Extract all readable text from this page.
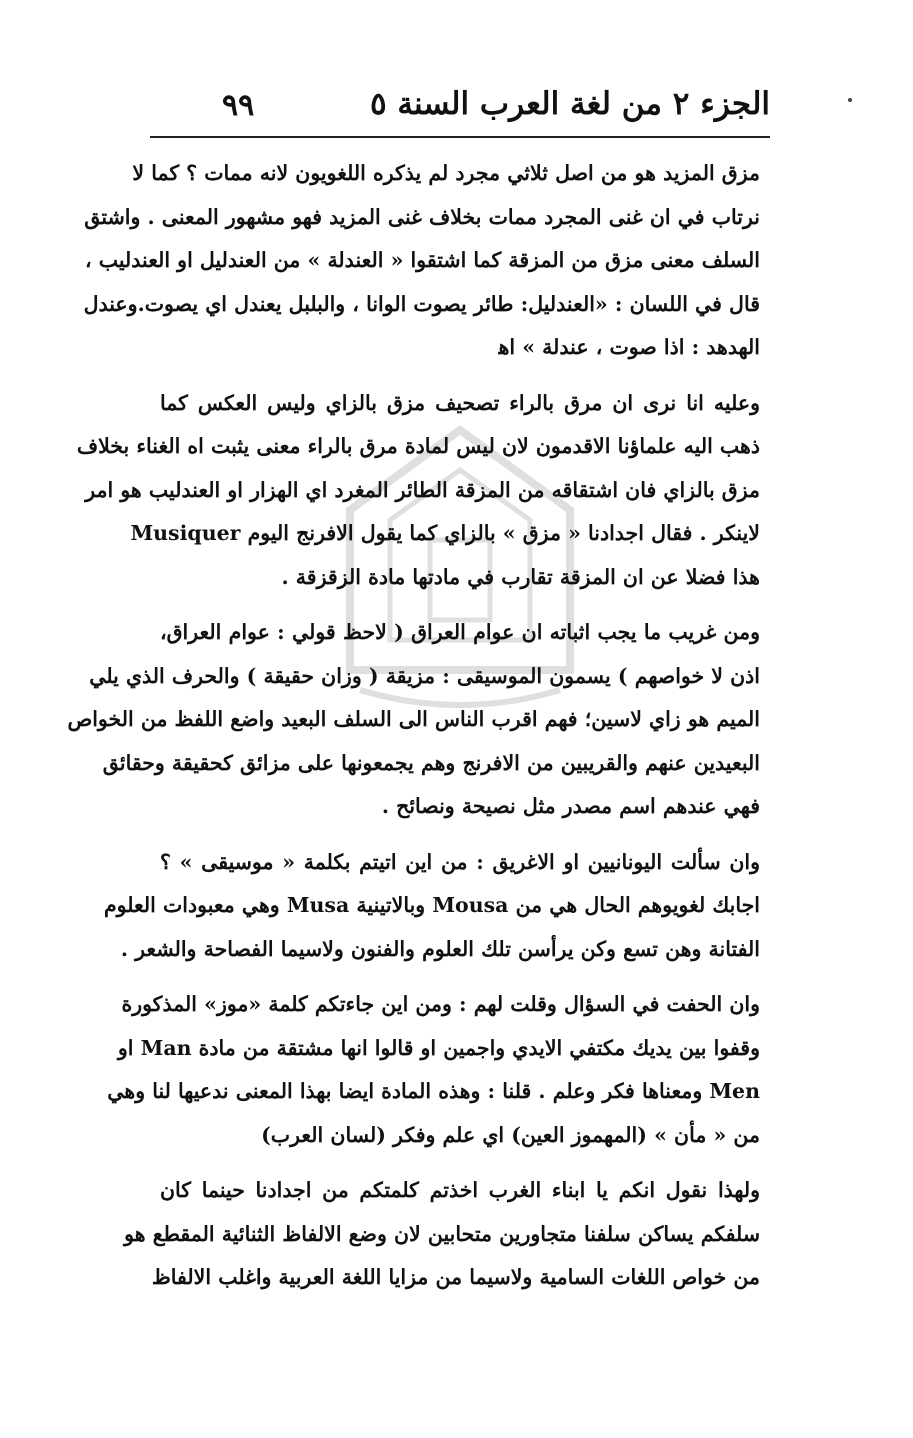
٩٩	الجزء ٢ من لغة العرب السنة ٥
مزق المزيد هو من اصل ثلاثي مجرد لم يذكره اللغويون لانه ممات ؟ كما لا
نرتاب في ان غنى المجرد ممات بخلاف غنى المزيد فهو مشهور المعنى . واشتق
السلف معنى مزق من المزقة كما اشتقوا « العندلة » من العندليل او العندليب ،
قال في اللسان : «العندليل: طائر يصوت الوانا ، والبلبل يعندل اي يصوت.وعندل
الهدهد : اذا صوت ، عندلة » اﻫ
وعليه انا نرى ان مرق بالراء تصحيف مزق بالزاي وليس العكس كما
ذهب اليه علماؤنا الاقدمون لان ليس لمادة مرق بالراء معنى يثبت اه الغناء بخلاف
مزق بالزاي فان اشتقاقه من المزقة الطائر المغرد اي الهزار او العندليب هو امر
لاينكر . فقال اجدادنا « مزق » بالزاي كما يقول الافرنج اليوم Musiquer
هذا فضلا عن ان المزقة تقارب في مادتها مادة الزقزقة .
ومن غريب ما يجب اثباته ان عوام العراق ( لاحظ قولي : عوام العراق،
اذن لا خواصهم ) يسمون الموسيقى : مزيقة ( وزان حقيقة ) والحرف الذي يلي
الميم هو زاي لاسين؛ فهم اقرب الناس الى السلف البعيد واضع اللفظ من الخواص
البعيدين عنهم والقريبين من الافرنج وهم يجمعونها على مزائق كحقيقة وحقائق
فهي عندهم اسم مصدر مثل نصيحة ونصائح .
وان سألت اليونانيين او الاغريق : من اين اتيتم بكلمة « موسيقى » ؟
اجابك لغويوهم الحال هي من Mousa وبالاتينية Musa وهي معبودات العلوم
الفتانة وهن تسع وكن يرأسن تلك العلوم والفنون ولاسيما الفصاحة والشعر .
وان الحفت في السؤال وقلت لهم : ومن اين جاءتكم كلمة «موز» المذكورة
وقفوا بين يديك مكتفي الايدي واجمين او قالوا انها مشتقة من مادة Man او
Men ومعناها فكر وعلم . قلنا : وهذه المادة ايضا بهذا المعنى ندعيها لنا وهي
من « مأن » (المهموز العين) اي علم وفكر (لسان العرب)
ولهذا نقول انكم يا ابناء الغرب اخذتم كلمتكم من اجدادنا حينما كان
سلفكم يساكن سلفنا متجاورين متحابين لان وضع الالفاظ الثنائية المقطع هو
من خواص اللغات السامية ولاسيما من مزايا اللغة العربية واغلب الالفاظ
